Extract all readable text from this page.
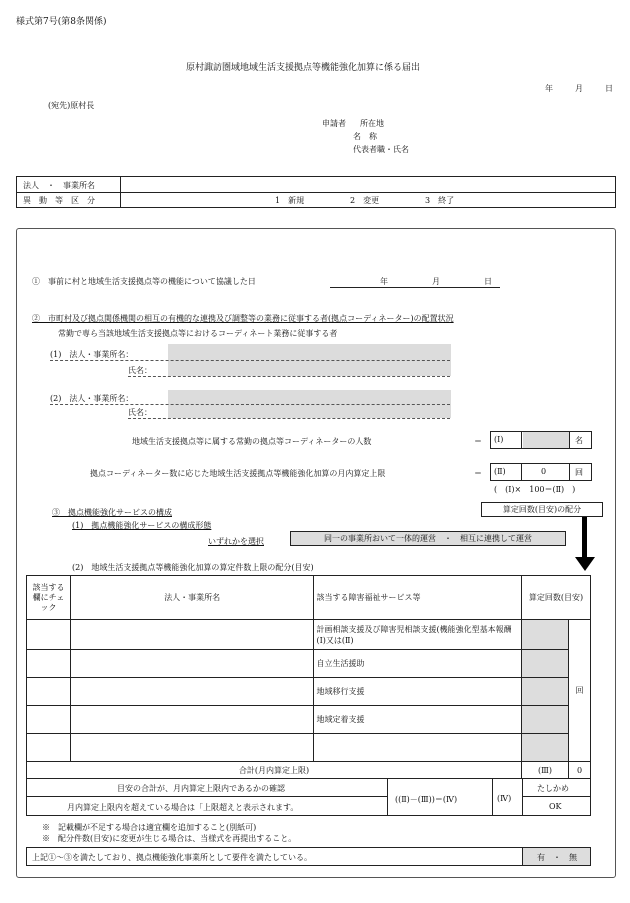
様式第7号(第8条関係)
原村諏訪圏域地域生活支援拠点等機能強化加算に係る届出
年	月	日
(宛先)原村長
申請者 所在地
名　称
代表者職・氏名
法人　・　事業所名
異　動　等　区　分	1　新規	2　変更	3　終了
①　事前に村と地域生活支援拠点等の機能について協議した日	年	月	日
②　市町村及び拠点関係機関の相互の有機的な連携及び調整等の業務に従事する者(拠点コーディネーター)の配置状況
常勤で専ら当該地域生活支援拠点等におけるコーディネート業務に従事する者
(1)　法人・事業所名：
氏名：
(2)　法人・事業所名：
氏名：
地域生活支援拠点等に属する常勤の拠点等コーディネーターの人数	＝ (Ⅰ)	名
拠点コーディネーター数に応じた地域生活支援拠点等機能強化加算の月内算定上限	＝ (Ⅱ)	0	回
(　(Ⅰ)×　100＝(Ⅱ)　)
算定回数(目安)の配分
③　拠点機能強化サービスの構成
(1)　拠点機能強化サービスの構成形態
いずれかを選択	同一の事業所おいて一体的運営　・　相互に連携して運営
(2)　地域生活支援拠点等機能強化加算の算定件数上限の配分(目安)
該当する欄にチェック	法人・事業所名	該当する障害福祉サービス等	算定回数(目安)	
		計画相談支援及び障害児相談支援(機能強化型基本報酬(Ⅰ)又は(Ⅱ)		回
		自立生活援助		
		地域移行支援		
		地域定着支援		

合計(月内算定上限)			(Ⅲ)	0
目安の合計が、月内算定上限内であるかの確認
月内算定上限内を超えている場合は「上限超えと表示されます。
((Ⅱ)－(Ⅲ))＝(Ⅳ)	(Ⅳ)
たしかめ
OK
※　記載欄が不足する場合は適宜欄を追加すること(別紙可)
※　配分件数(目安)に変更が生じる場合は、当様式を再提出すること。
上記①～③を満たしており、拠点機能強化事業所として要件を満たしている。	有　・　無
